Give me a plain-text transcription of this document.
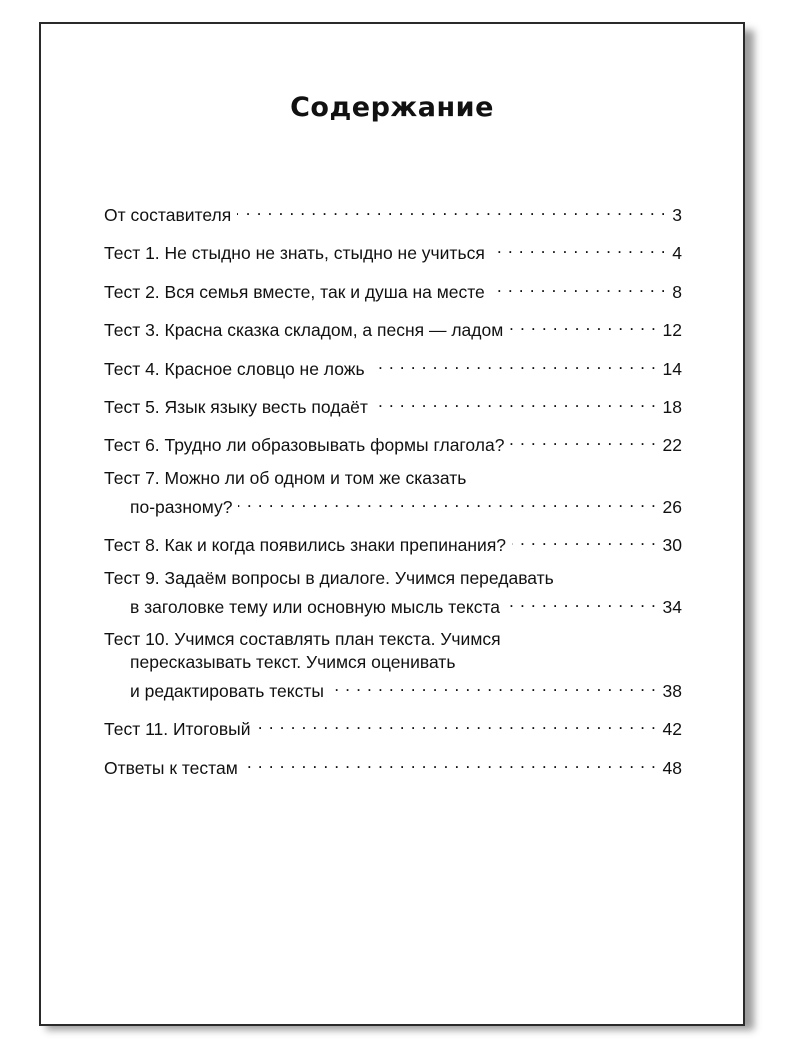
Содержание
От составителя . . .	3
Тест 1. Не стыдно не знать, стыдно не учиться . . .	4
Тест 2. Вся семья вместе, так и душа на месте . . .	8
Тест 3. Красна сказка складом, а песня — ладом . . .	12
Тест 4. Красное словцо не ложь . . .	14
Тест 5. Язык языку весть подаёт . . .	18
Тест 6. Трудно ли образовывать формы глагола? . . .	22
Тест 7. Можно ли об одном и том же сказать
по-разному? . . .	26
Тест 8. Как и когда появились знаки препинания? . . .	30
Тест 9. Задаём вопросы в диалоге. Учимся передавать
в заголовке тему или основную мысль текста . . .	34
Тест 10. Учимся составлять план текста. Учимся
пересказывать текст. Учимся оценивать
и редактировать тексты . . .	38
Тест 11. Итоговый . . .	42
Ответы к тестам . . .	48
